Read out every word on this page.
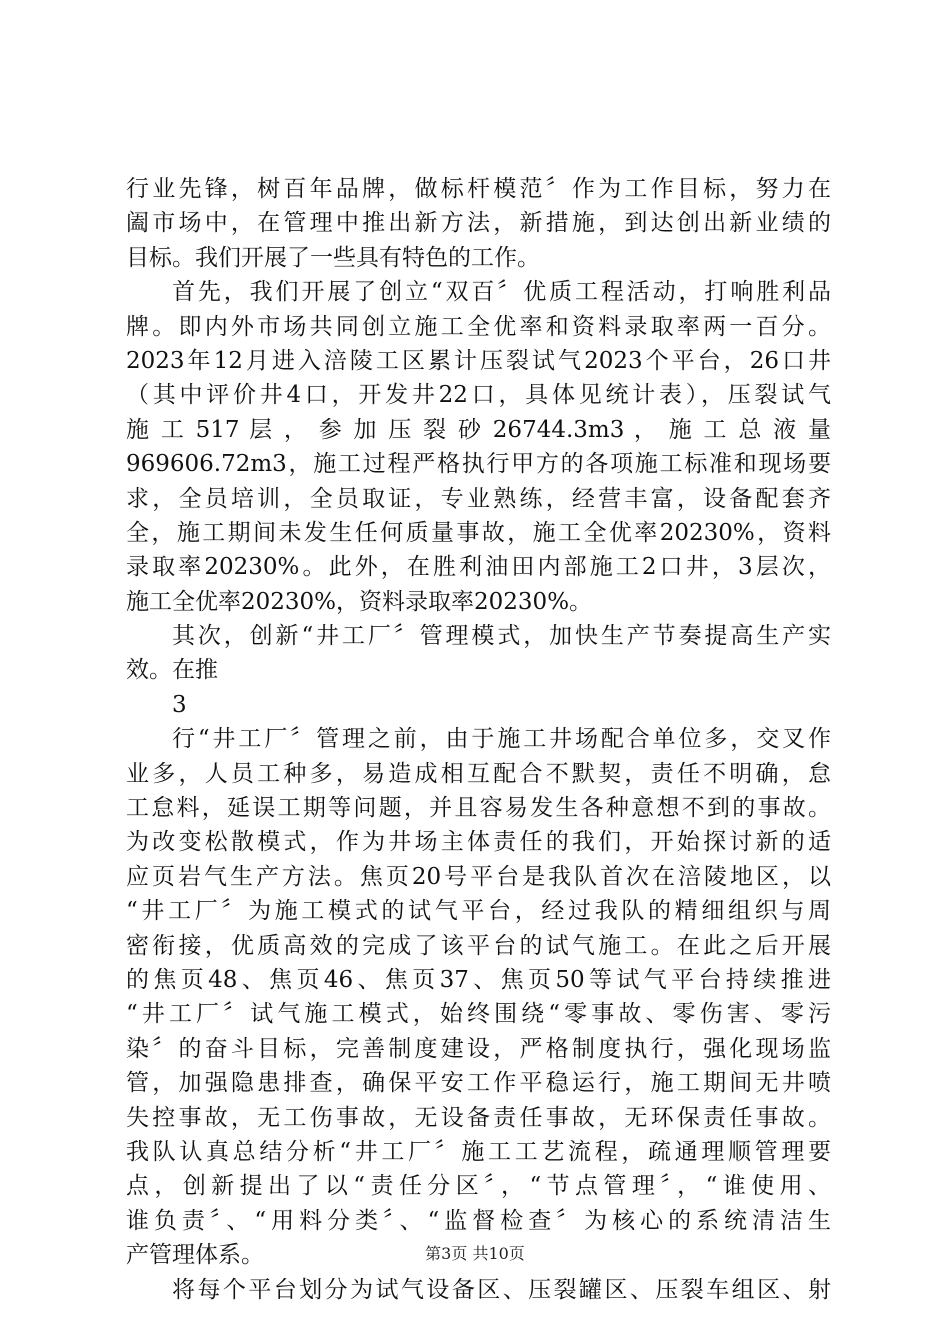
行业先锋，树百年品牌，做标杆模范〞作为工作目标，努力在
阖市场中，在管理中推出新方法，新措施，到达创出新业绩的
目标。我们开展了一些具有特色的工作。
首先，我们开展了创立“双百〞优质工程活动，打响胜利品
牌。即内外市场共同创立施工全优率和资料录取率两一百分。
2023年12月进入涪陵工区累计压裂试气2023个平台，26口井
（其中评价井4口，开发井22口，具体见统计表），压裂试气
施 工 517 层 ， 参 加 压 裂 砂 26744.3m3 ， 施 工 总 液 量
969606.72m3，施工过程严格执行甲方的各项施工标准和现场要
求，全员培训，全员取证，专业熟练，经营丰富，设备配套齐
全，施工期间未发生任何质量事故，施工全优率20230%，资料
录取率20230%。此外，在胜利油田内部施工2口井，3层次，
施工全优率20230%，资料录取率20230%。
其次，创新“井工厂〞管理模式，加快生产节奏提高生产实
效。在推
3
行“井工厂〞管理之前，由于施工井场配合单位多，交叉作
业多，人员工种多，易造成相互配合不默契，责任不明确，怠
工怠料，延误工期等问题，并且容易发生各种意想不到的事故。
为改变松散模式，作为井场主体责任的我们，开始探讨新的适
应页岩气生产方法。焦页20号平台是我队首次在涪陵地区，以
“井工厂〞为施工模式的试气平台，经过我队的精细组织与周
密衔接，优质高效的完成了该平台的试气施工。在此之后开展
的焦页48、焦页46、焦页37、焦页50等试气平台持续推进
“井工厂〞试气施工模式，始终围绕“零事故、零伤害、零污
染〞的奋斗目标，完善制度建设，严格制度执行，强化现场监
管，加强隐患排查，确保平安工作平稳运行，施工期间无井喷
失控事故，无工伤事故，无设备责任事故，无环保责任事故。
我队认真总结分析“井工厂〞施工工艺流程，疏通理顺管理要
点，创新提出了以“责任分区〞，“节点管理〞，“谁使用、
谁负责〞、“用料分类〞、“监督检查〞为核心的系统清洁生
产管理体系。
将每个平台划分为试气设备区、压裂罐区、压裂车组区、射
第3页 共10页
